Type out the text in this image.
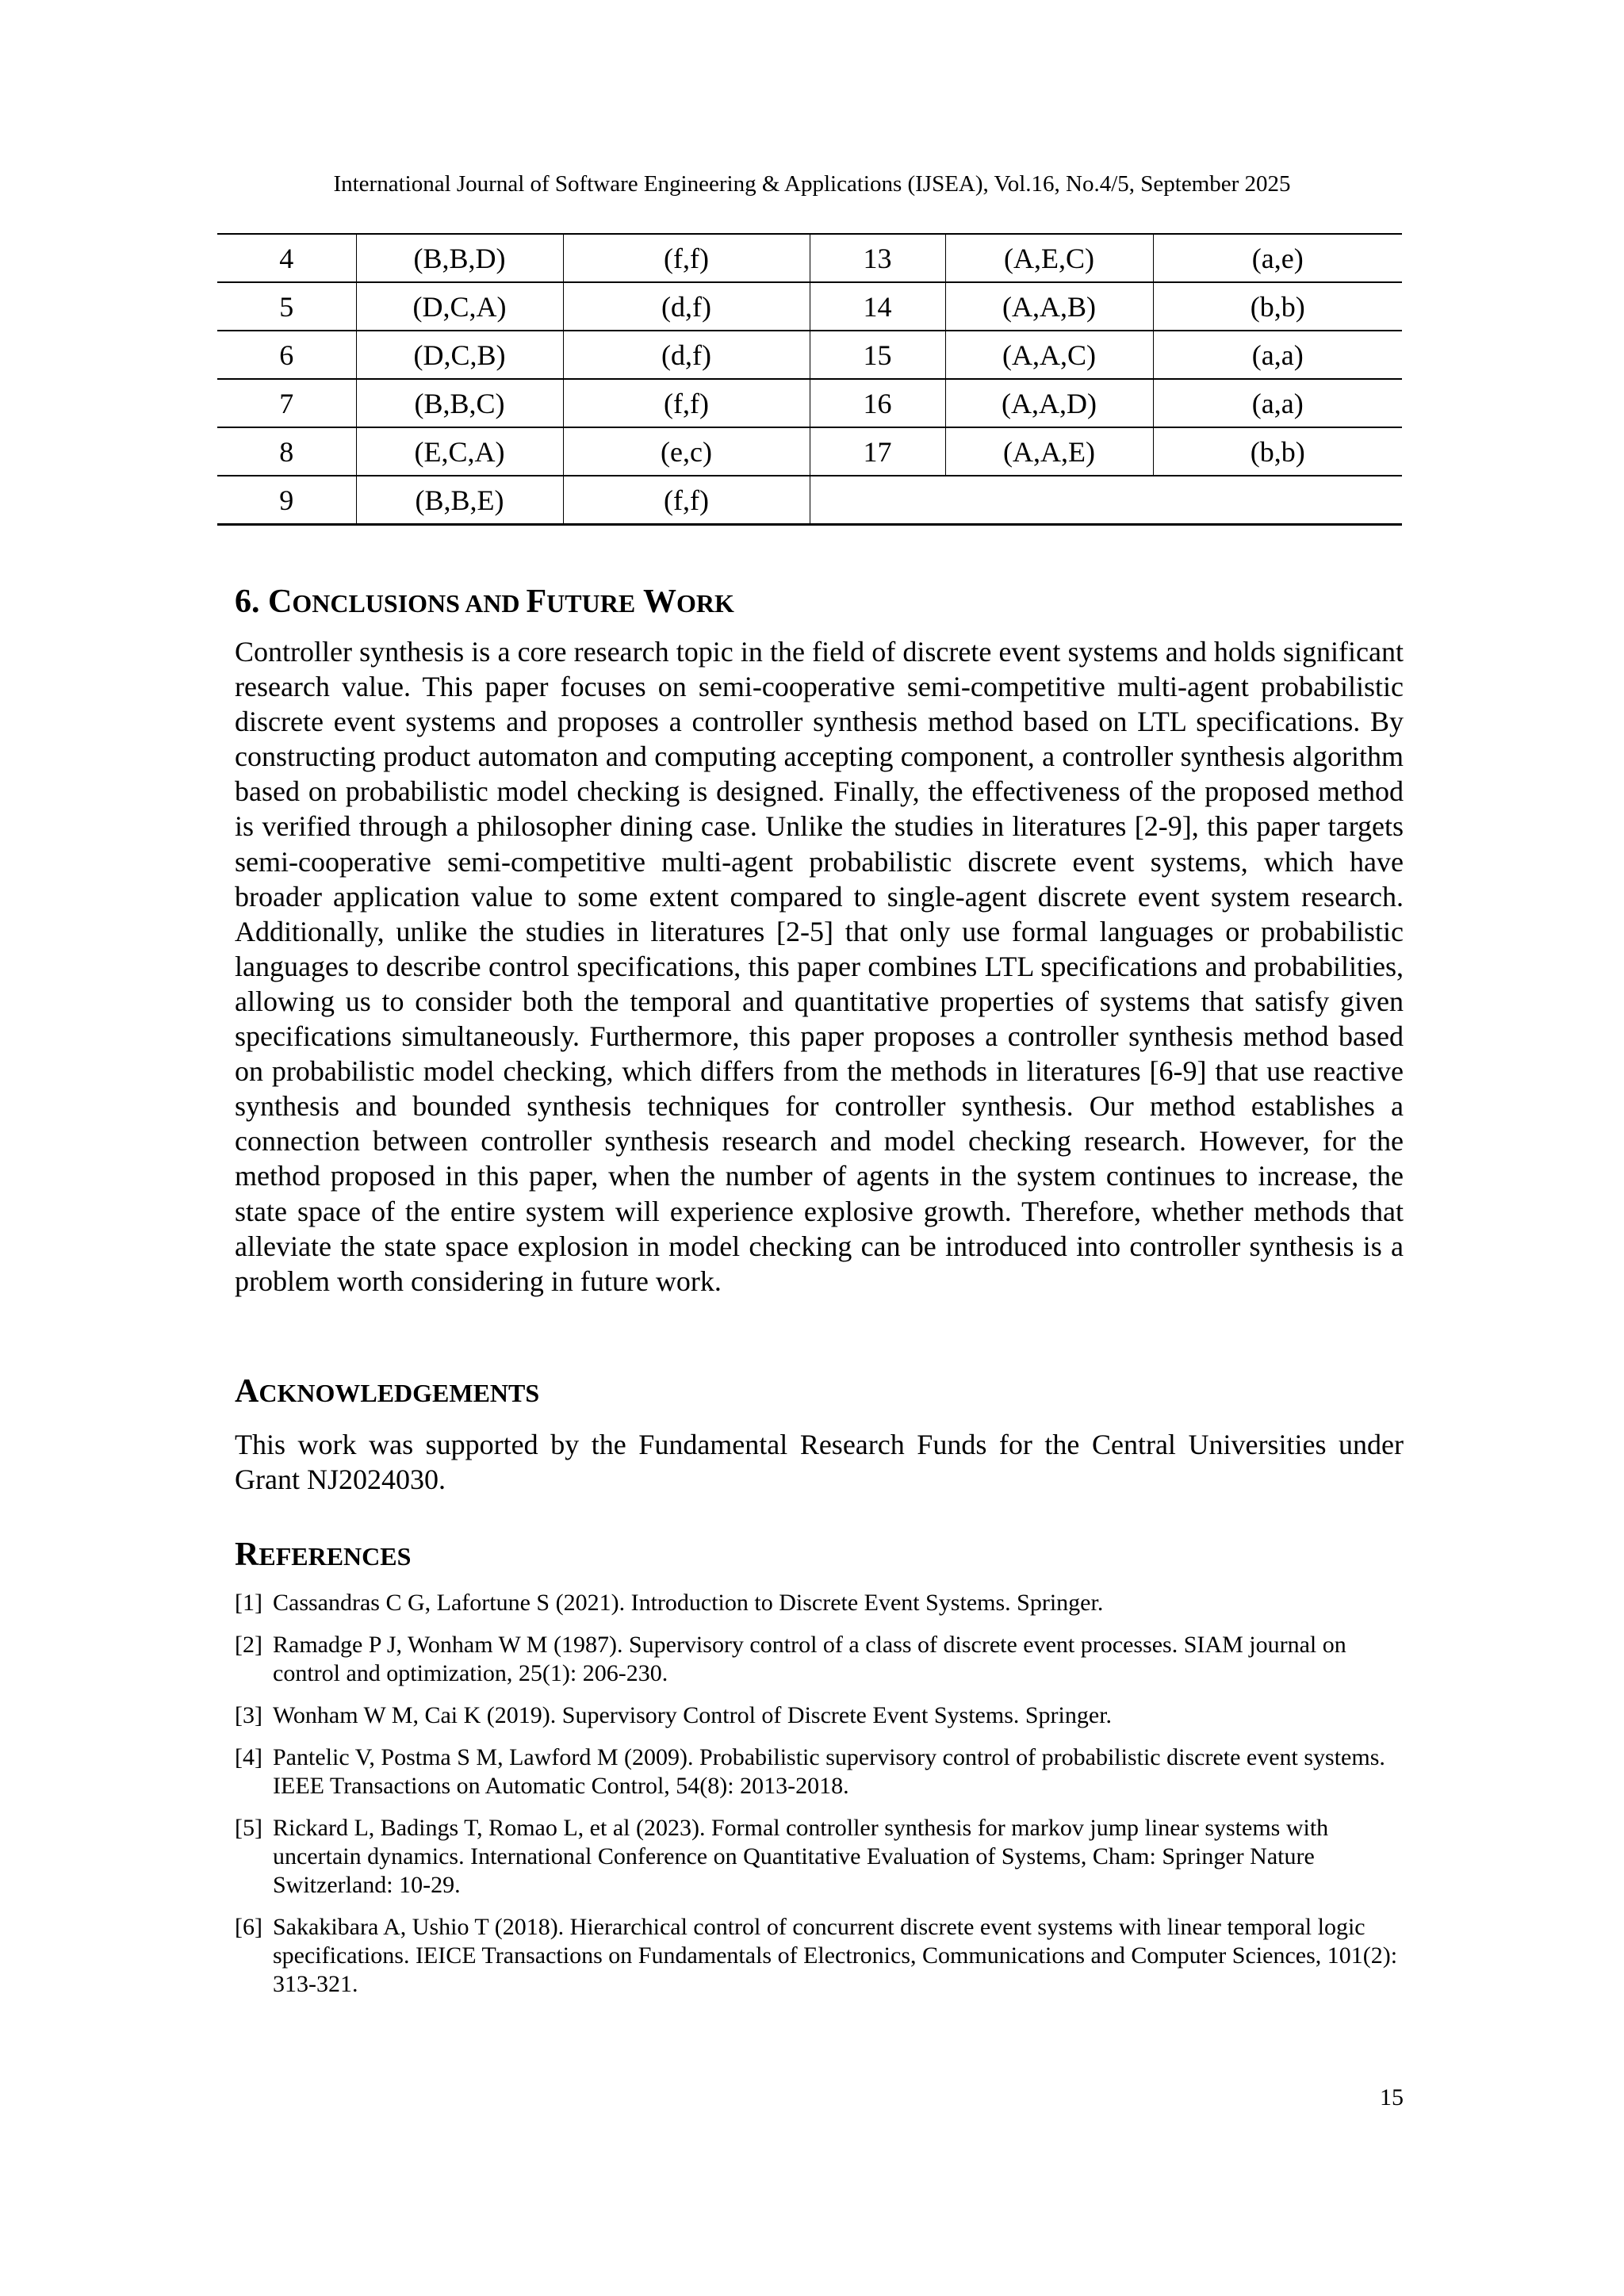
International Journal of Software Engineering & Applications (IJSEA), Vol.16, No.4/5, September 2025
4	(B,B,D)	(f,f)	13	(A,E,C)	(a,e)
5	(D,C,A)	(d,f)	14	(A,A,B)	(b,b)
6	(D,C,B)	(d,f)	15	(A,A,C)	(a,a)
7	(B,B,C)	(f,f)	16	(A,A,D)	(a,a)
8	(E,C,A)	(e,c)	17	(A,A,E)	(b,b)
9	(B,B,E)	(f,f)			
6. CONCLUSIONS AND FUTURE WORK

Controller synthesis is a core research topic in the field of discrete event systems and holds significant research value. This paper focuses on semi-cooperative semi-competitive multi-agent probabilistic discrete event systems and proposes a controller synthesis method based on LTL specifications. By constructing product automaton and computing accepting component, a controller synthesis algorithm based on probabilistic model checking is designed. Finally, the effectiveness of the proposed method is verified through a philosopher dining case. Unlike the studies in literatures [2-9], this paper targets semi-cooperative semi-competitive multi-agent probabilistic discrete event systems, which have broader application value to some extent compared to single-agent discrete event system research. Additionally, unlike the studies in literatures [2-5] that only use formal languages or probabilistic languages to describe control specifications, this paper combines LTL specifications and probabilities, allowing us to consider both the temporal and quantitative properties of systems that satisfy given specifications simultaneously. Furthermore, this paper proposes a controller synthesis method based on probabilistic model checking, which differs from the methods in literatures [6-9] that use reactive synthesis and bounded synthesis techniques for controller synthesis. Our method establishes a connection between controller synthesis research and model checking research. However, for the method proposed in this paper, when the number of agents in the system continues to increase, the state space of the entire system will experience explosive growth. Therefore, whether methods that alleviate the state space explosion in model checking can be introduced into controller synthesis is a problem worth considering in future work.

ACKNOWLEDGEMENTS

This work was supported by the Fundamental Research Funds for the Central Universities under Grant NJ2024030.

REFERENCES
[1] Cassandras C G, Lafortune S (2021). Introduction to Discrete Event Systems. Springer.
[2] Ramadge P J, Wonham W M (1987). Supervisory control of a class of discrete event processes. SIAM journal on control and optimization, 25(1): 206-230.
[3] Wonham W M, Cai K (2019). Supervisory Control of Discrete Event Systems. Springer.
[4] Pantelic V, Postma S M, Lawford M (2009). Probabilistic supervisory control of probabilistic discrete event systems. IEEE Transactions on Automatic Control, 54(8): 2013-2018.
[5] Rickard L, Badings T, Romao L, et al (2023). Formal controller synthesis for markov jump linear systems with uncertain dynamics. International Conference on Quantitative Evaluation of Systems, Cham: Springer Nature Switzerland: 10-29.
[6] Sakakibara A, Ushio T (2018). Hierarchical control of concurrent discrete event systems with linear temporal logic specifications. IEICE Transactions on Fundamentals of Electronics, Communications and Computer Sciences, 101(2): 313-321.
15
